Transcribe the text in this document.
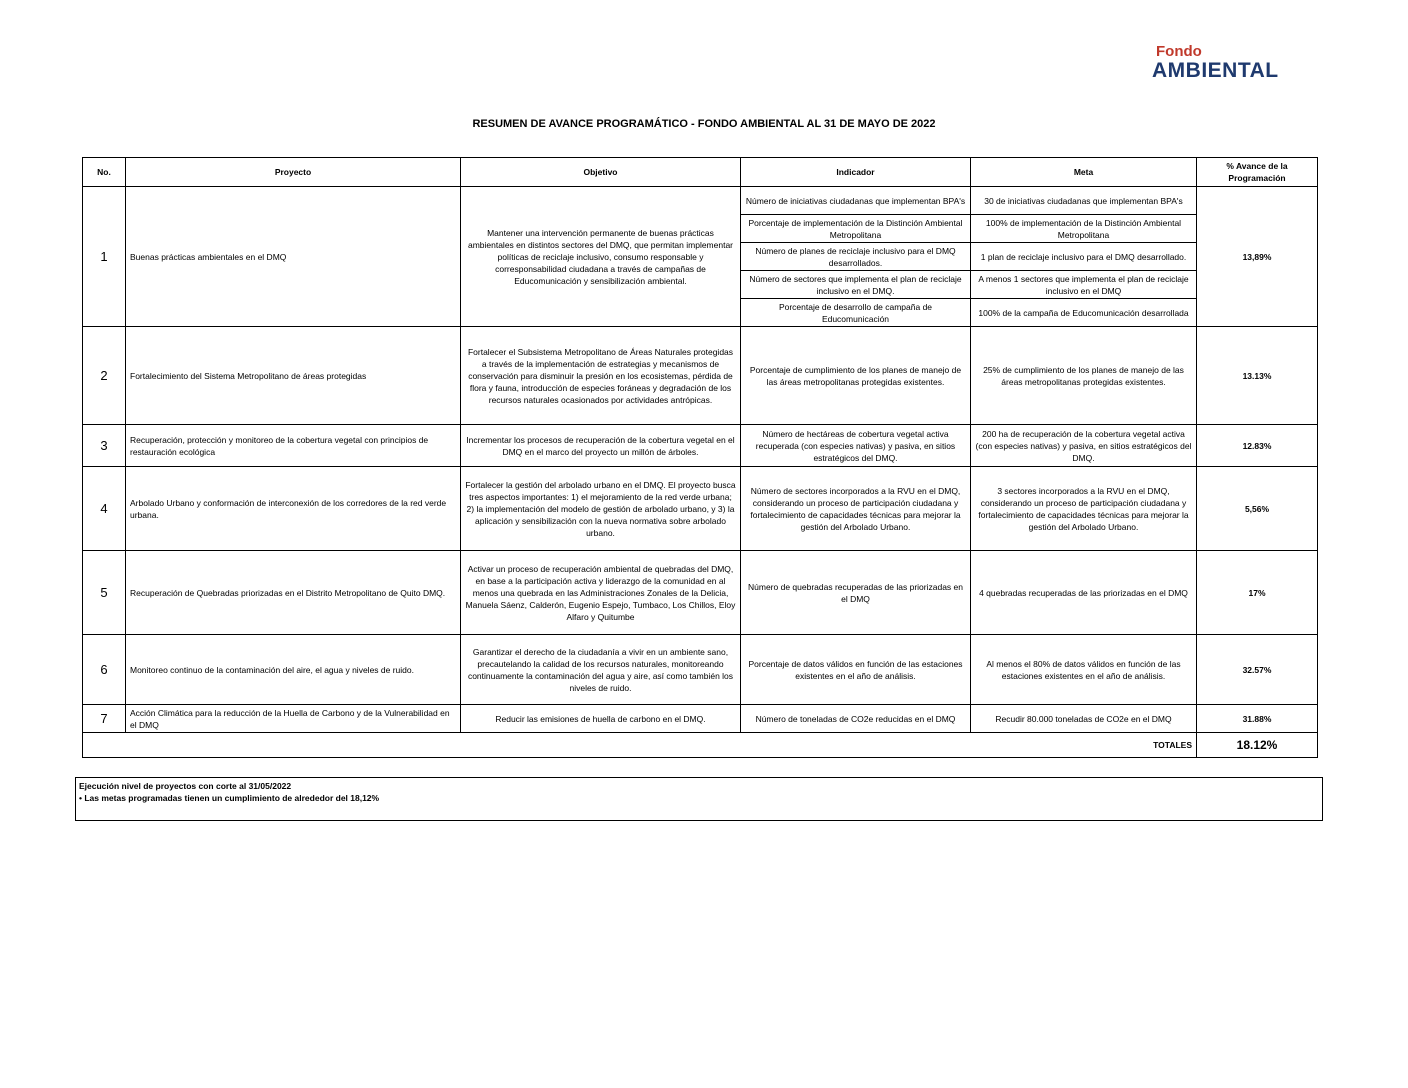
Fondo
AMBIENTAL
RESUMEN DE AVANCE PROGRAMÁTICO - FONDO AMBIENTAL AL 31 DE MAYO DE 2022
No.	Proyecto	Objetivo	Indicador	Meta	% Avance de la Programación
1	Buenas prácticas ambientales en el DMQ	Mantener una intervención permanente de buenas prácticas ambientales en distintos sectores del DMQ, que permitan implementar políticas de reciclaje inclusivo, consumo responsable y corresponsabilidad ciudadana a través de campañas de Educomunicación y sensibilización ambiental.	Número de iniciativas ciudadanas que implementan BPA's	30 de iniciativas ciudadanas que implementan BPA's	13,89%
			Porcentaje de implementación de la Distinción Ambiental Metropolitana	100% de implementación de la Distinción Ambiental Metropolitana	
			Número de planes de reciclaje inclusivo para el DMQ desarrollados.	1 plan de reciclaje inclusivo para el DMQ desarrollado.	
			Número de sectores que implementa el plan de reciclaje inclusivo en el DMQ.	A menos 1 sectores que implementa el plan de reciclaje inclusivo en el DMQ	
			Porcentaje de desarrollo de campaña de Educomunicación	100% de la campaña de Educomunicación desarrollada	
2	Fortalecimiento del Sistema Metropolitano de áreas protegidas	Fortalecer el Subsistema Metropolitano de Áreas Naturales protegidas a través de la implementación de estrategias y mecanismos de conservación para disminuir la presión en los ecosistemas, pérdida de flora y fauna, introducción de especies foráneas y degradación de los recursos naturales ocasionados por actividades antrópicas.	Porcentaje de cumplimiento de los planes de manejo de las áreas metropolitanas protegidas existentes.	25% de cumplimiento de los planes de manejo de las áreas metropolitanas protegidas existentes.	13.13%
3	Recuperación, protección y monitoreo de la cobertura vegetal con principios de restauración ecológica	Incrementar los procesos de recuperación de la cobertura vegetal en el DMQ en el marco del proyecto un millón de árboles.	Número de hectáreas de cobertura vegetal activa recuperada (con especies nativas) y pasiva, en sitios estratégicos del DMQ.	200 ha de recuperación de la cobertura vegetal activa (con especies nativas) y pasiva, en sitios estratégicos del DMQ.	12.83%
4	Arbolado Urbano y conformación de interconexión de los corredores de la red verde urbana.	Fortalecer la gestión del arbolado urbano en el DMQ. El proyecto busca tres aspectos importantes: 1) el mejoramiento de la red verde urbana; 2) la implementación del modelo de gestión de arbolado urbano, y 3) la aplicación y sensibilización con la nueva normativa sobre arbolado urbano.	Número de sectores incorporados a la RVU en el DMQ, considerando un proceso de participación ciudadana y fortalecimiento de capacidades técnicas para mejorar la gestión del Arbolado Urbano.	3 sectores incorporados a la RVU en el DMQ, considerando un proceso de participación ciudadana y fortalecimiento de capacidades técnicas para mejorar la gestión del Arbolado Urbano.	5,56%
5	Recuperación de Quebradas priorizadas en el Distrito Metropolitano de Quito DMQ.	Activar un proceso de recuperación ambiental de quebradas del DMQ, en base a la participación activa y liderazgo de la comunidad en al menos una quebrada en las Administraciones Zonales de la Delicia, Manuela Sáenz, Calderón, Eugenio Espejo, Tumbaco, Los Chillos, Eloy Alfaro y Quitumbe	Número de quebradas recuperadas de las priorizadas en el DMQ	4 quebradas recuperadas de las priorizadas en el DMQ	17%
6	Monitoreo continuo de la contaminación del aire, el agua y niveles de ruido.	Garantizar el derecho de la ciudadanía a vivir en un ambiente sano, precautelando la calidad de los recursos naturales, monitoreando continuamente la contaminación del agua y aire, así como también los niveles de ruido.	Porcentaje de datos válidos en función de las estaciones existentes en el año de análisis.	Al menos el 80% de datos válidos en función de las estaciones existentes en el año de análisis.	32.57%
7	Acción Climática para la reducción de la Huella de Carbono y de la Vulnerabilidad en el DMQ	Reducir las emisiones de huella de carbono en el DMQ.	Número de toneladas de CO2e reducidas en el DMQ	Recudir 80.000 toneladas de CO2e en el DMQ	31.88%
TOTALES					18.12%
Ejecución nivel de proyectos con corte al 31/05/2022
• Las metas programadas tienen un cumplimiento de alrededor del 18,12%
